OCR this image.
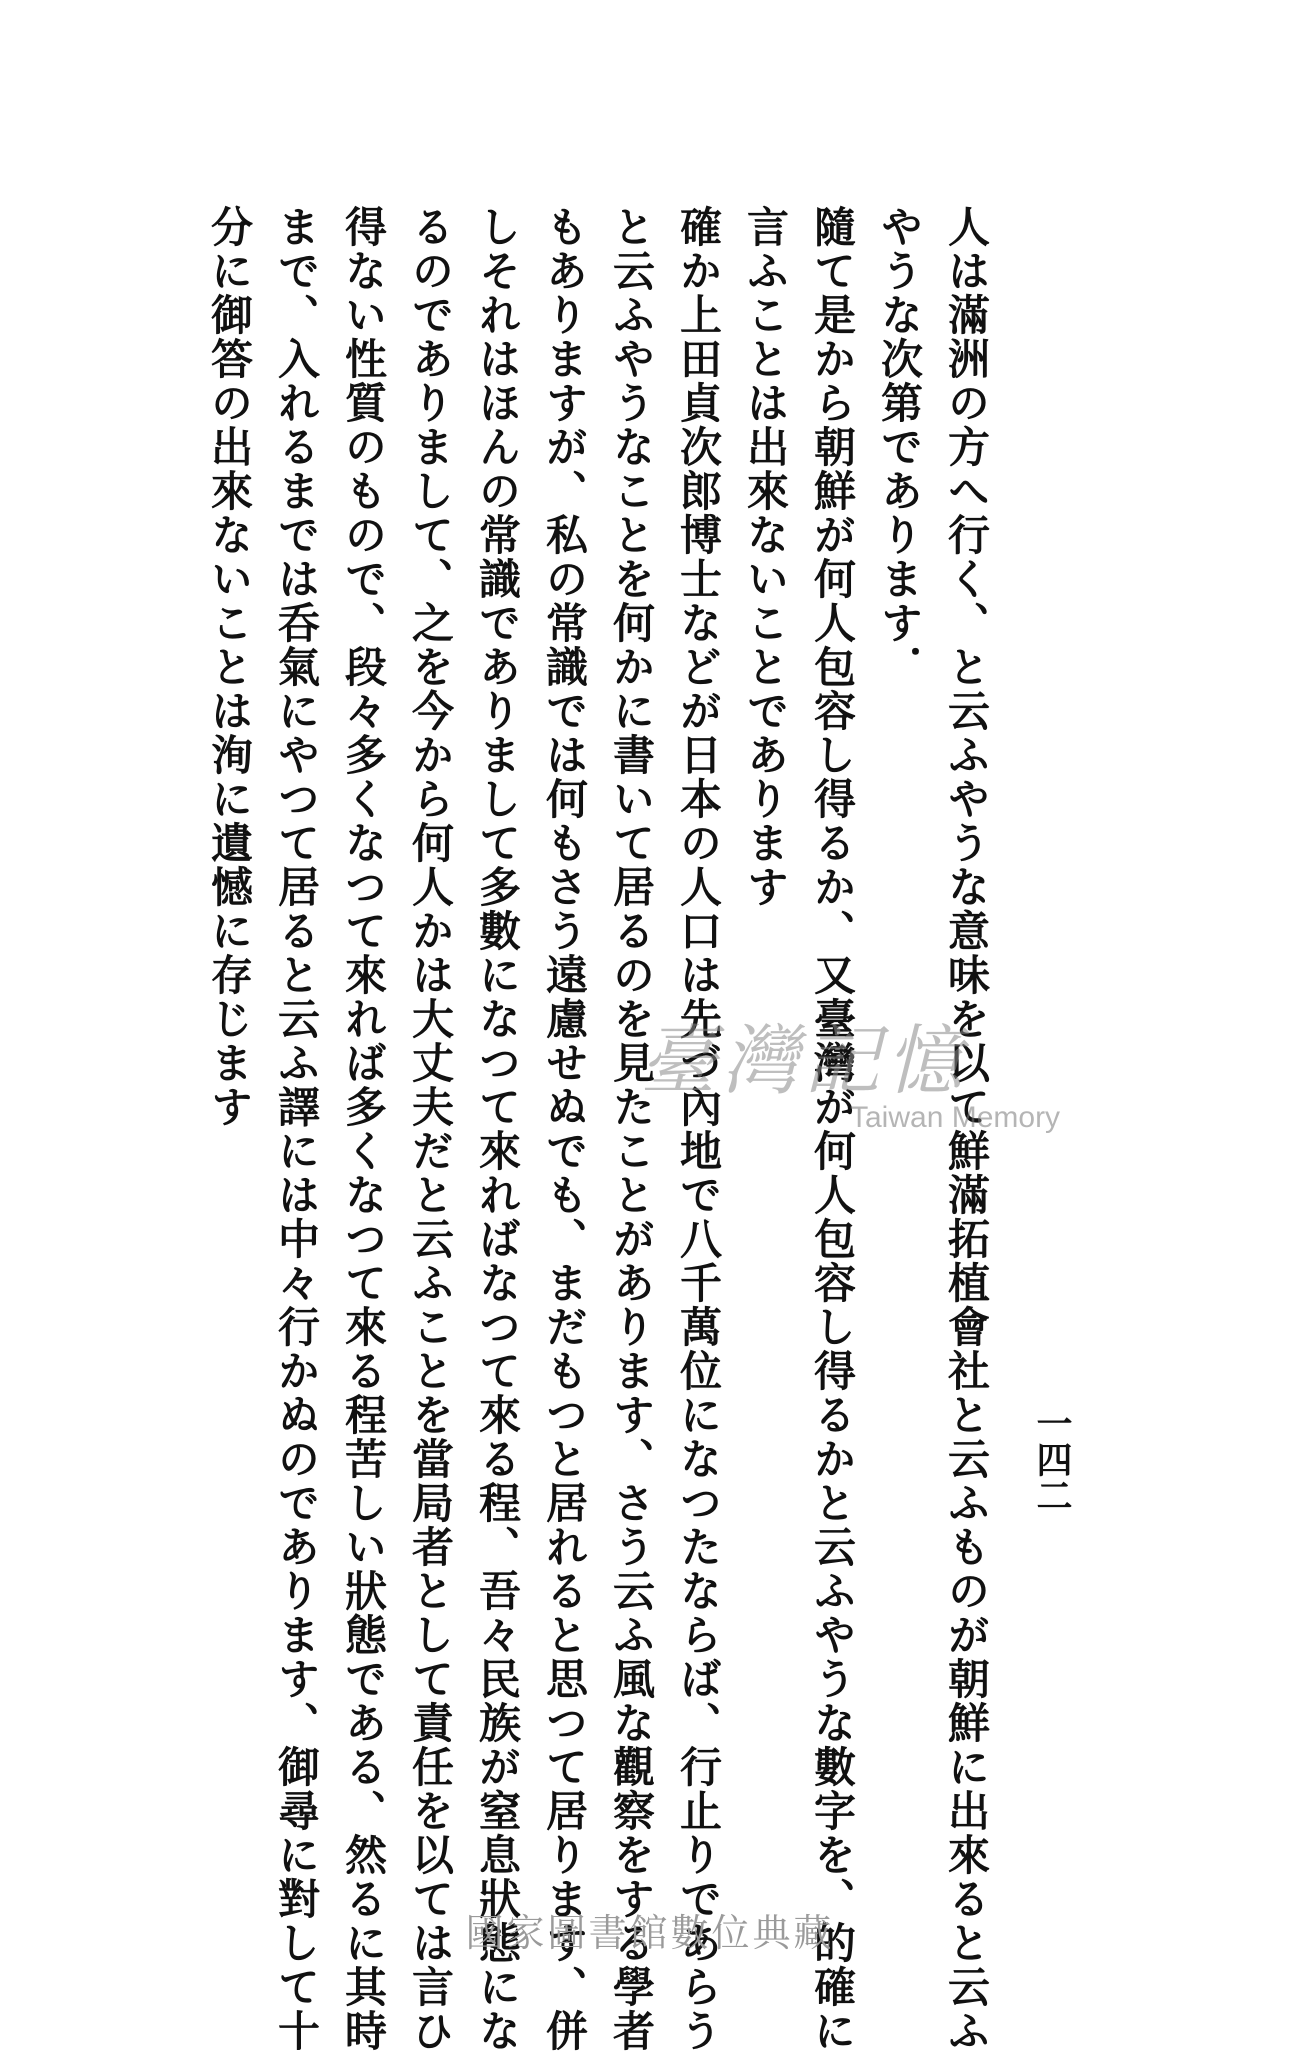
一四二
人は滿洲の方へ行く、と云ふやうな意味を以て鮮滿拓植會社と云ふものが朝鮮に出來ると云ふ
やうな次第であります．
隨て是から朝鮮が何人包容し得るか、又臺灣が何人包容し得るかと云ふやうな數字を、的確に
言ふことは出來ないことであります
確か上田貞次郎博士などが日本の人口は先づ內地で八千萬位になつたならば、行止りであらう
と云ふやうなことを何かに書いて居るのを見たことがあります、さう云ふ風な觀察をする學者
もありますが、私の常識では何もさう遠慮せぬでも、まだもつと居れると思つて居ります、併
しそれはほんの常識でありまして多數になつて來ればなつて來る程、吾々民族が窒息狀態にな
るのでありまして、之を今から何人かは大丈夫だと云ふことを當局者として責任を以ては言ひ
得ない性質のもので、段々多くなつて來れば多くなつて來る程苦しい狀態である、然るに其時
まで、入れるまでは呑氣にやつて居ると云ふ譯には中々行かぬのであります、御尋に對して十
分に御答の出來ないことは洵に遺憾に存じます	臺灣記憶
Taiwan Memory
國家圖書館數位典藏
